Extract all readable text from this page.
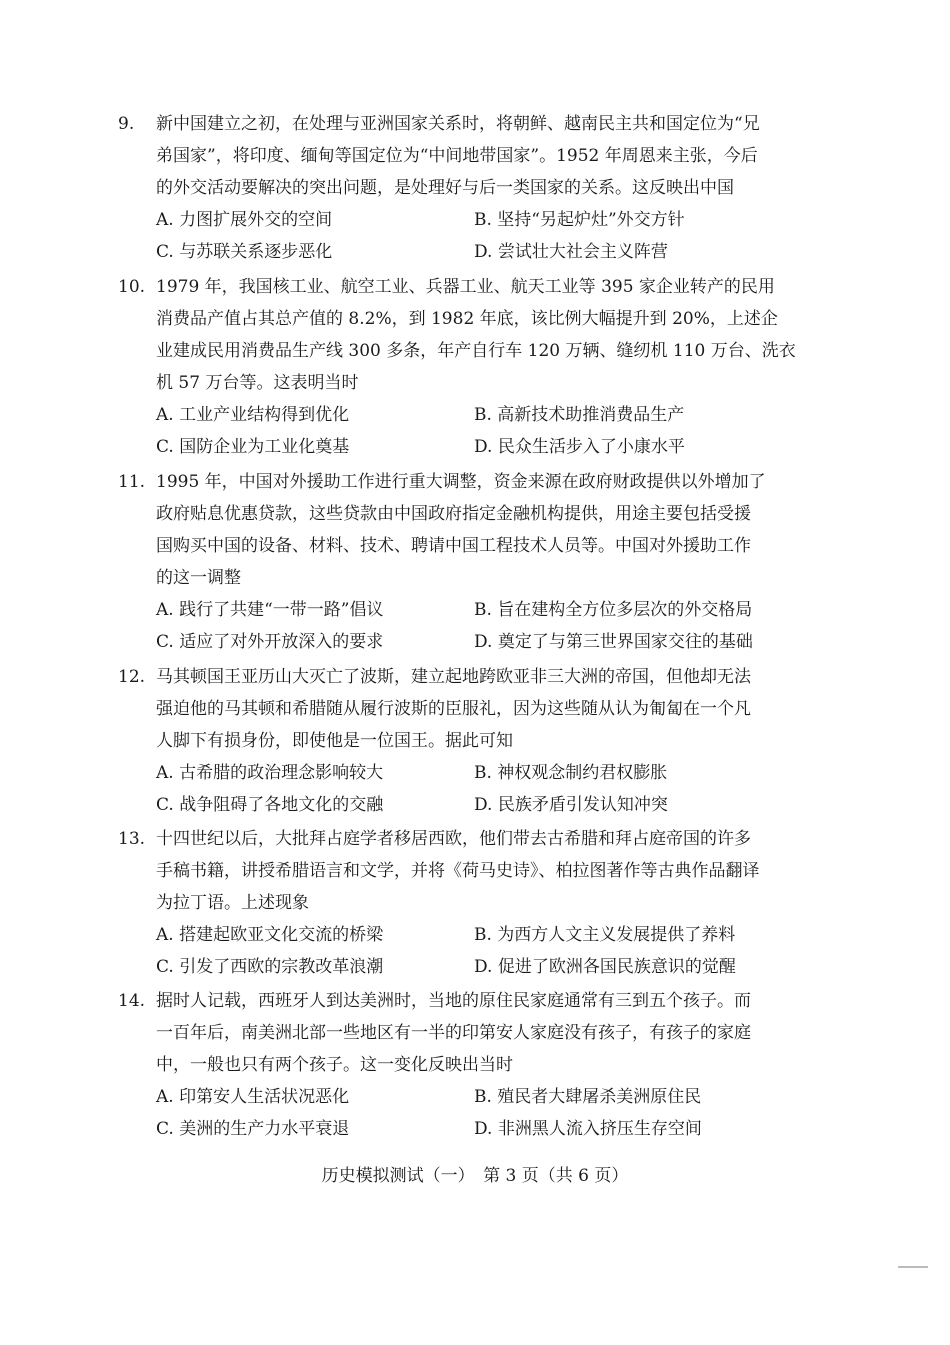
9. 新中国建立之初，在处理与亚洲国家关系时，将朝鲜、越南民主共和国定位为“兄
弟国家”，将印度、缅甸等国定位为“中间地带国家”。1952 年周恩来主张，今后
的外交活动要解决的突出问题，是处理好与后一类国家的关系。这反映出中国
A. 力图扩展外交的空间	B. 坚持“另起炉灶”外交方针
C. 与苏联关系逐步恶化	D. 尝试壮大社会主义阵营
10. 1979 年，我国核工业、航空工业、兵器工业、航天工业等 395 家企业转产的民用
消费品产值占其总产值的 8.2%，到 1982 年底，该比例大幅提升到 20%，上述企
业建成民用消费品生产线 300 多条，年产自行车 120 万辆、缝纫机 110 万台、洗衣
机 57 万台等。这表明当时
A. 工业产业结构得到优化	B. 高新技术助推消费品生产
C. 国防企业为工业化奠基	D. 民众生活步入了小康水平
11. 1995 年，中国对外援助工作进行重大调整，资金来源在政府财政提供以外增加了
政府贴息优惠贷款，这些贷款由中国政府指定金融机构提供，用途主要包括受援
国购买中国的设备、材料、技术、聘请中国工程技术人员等。中国对外援助工作
的这一调整
A. 践行了共建“一带一路”倡议	B. 旨在建构全方位多层次的外交格局
C. 适应了对外开放深入的要求	D. 奠定了与第三世界国家交往的基础
12. 马其顿国王亚历山大灭亡了波斯，建立起地跨欧亚非三大洲的帝国，但他却无法
强迫他的马其顿和希腊随从履行波斯的臣服礼，因为这些随从认为匍匐在一个凡
人脚下有损身份，即使他是一位国王。据此可知
A. 古希腊的政治理念影响较大	B. 神权观念制约君权膨胀
C. 战争阻碍了各地文化的交融	D. 民族矛盾引发认知冲突
13. 十四世纪以后，大批拜占庭学者移居西欧，他们带去古希腊和拜占庭帝国的许多
手稿书籍，讲授希腊语言和文学，并将《荷马史诗》、柏拉图著作等古典作品翻译
为拉丁语。上述现象
A. 搭建起欧亚文化交流的桥梁	B. 为西方人文主义发展提供了养料
C. 引发了西欧的宗教改革浪潮	D. 促进了欧洲各国民族意识的觉醒
14. 据时人记载，西班牙人到达美洲时，当地的原住民家庭通常有三到五个孩子。而
一百年后，南美洲北部一些地区有一半的印第安人家庭没有孩子，有孩子的家庭
中，一般也只有两个孩子。这一变化反映出当时
A. 印第安人生活状况恶化	B. 殖民者大肆屠杀美洲原住民
C. 美洲的生产力水平衰退	D. 非洲黑人流入挤压生存空间
历史模拟测试（一）　第 3 页（共 6 页）
